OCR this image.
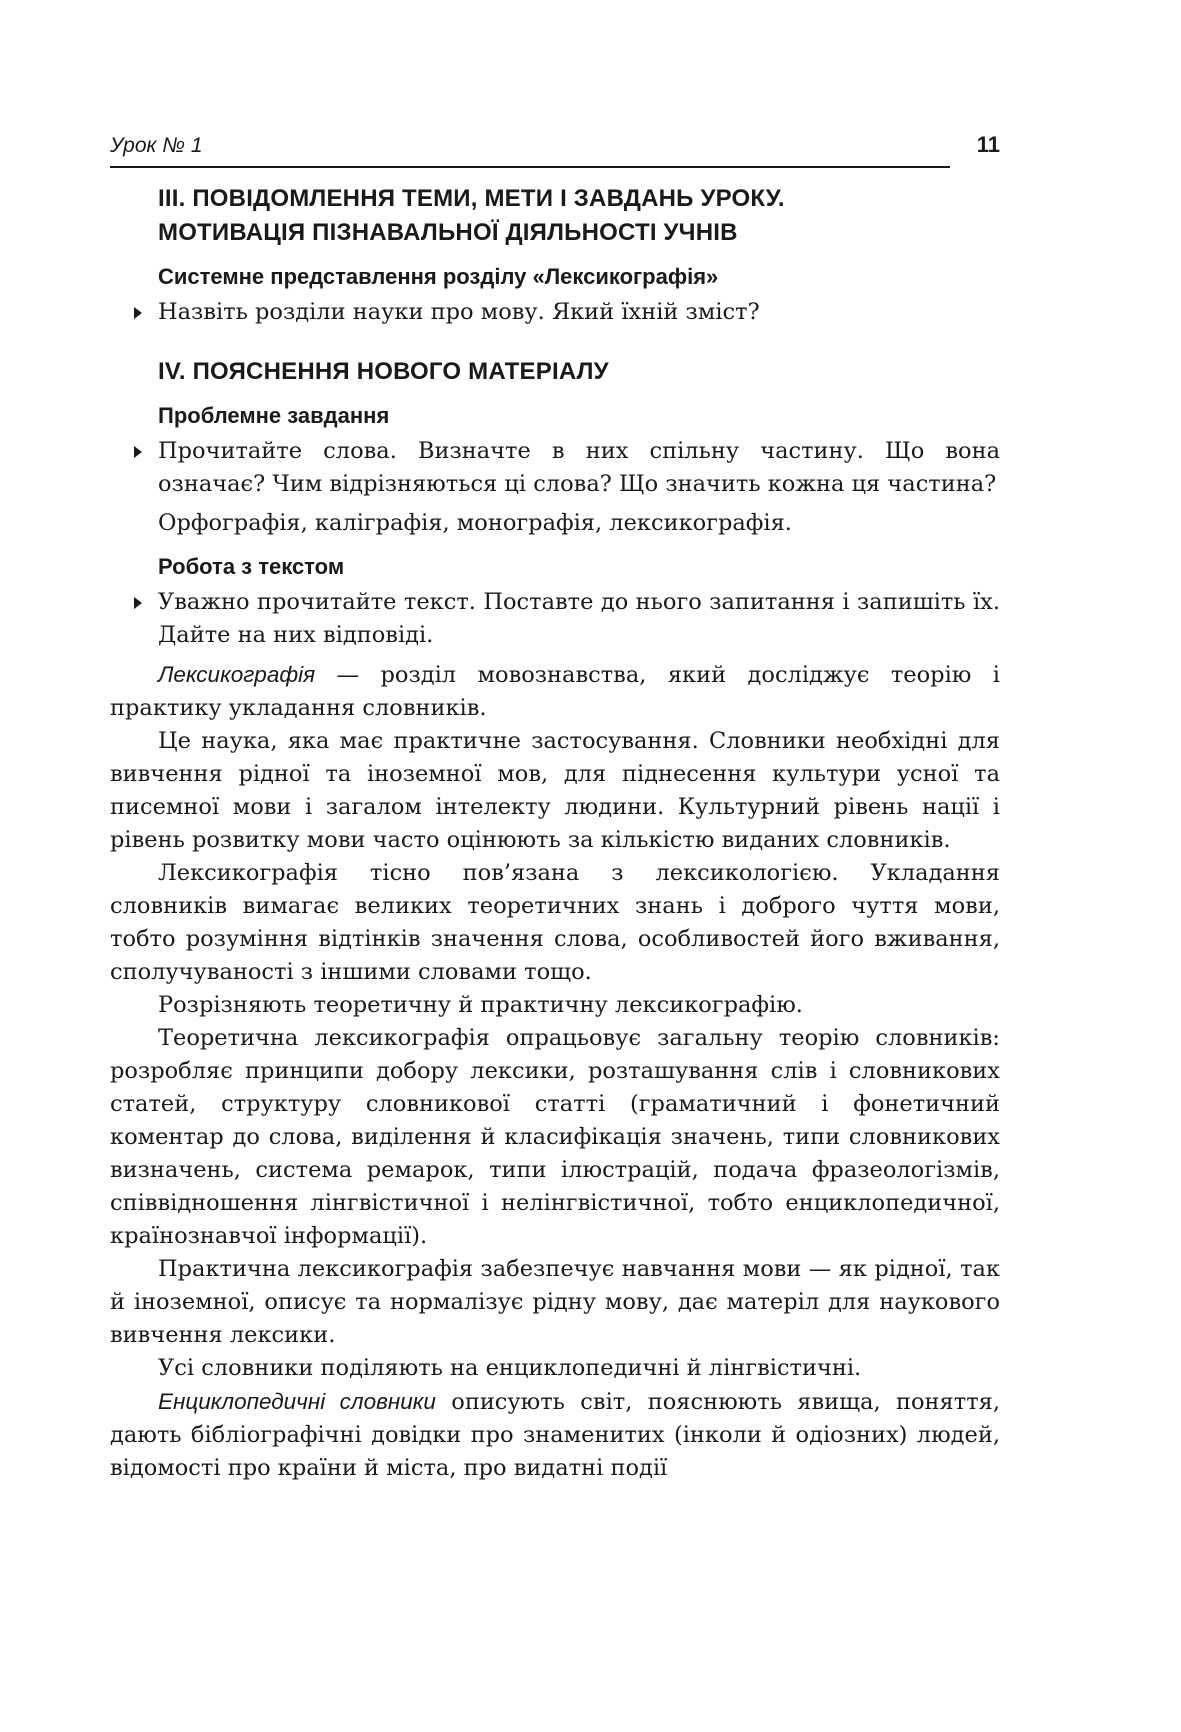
Урок № 1	11
III. ПОВІДОМЛЕННЯ ТЕМИ, МЕТИ І ЗАВДАНЬ УРОКУ.
МОТИВАЦІЯ ПІЗНАВАЛЬНОЇ ДІЯЛЬНОСТІ УЧНІВ
Системне представлення розділу «Лексикографія»
Назвіть розділи науки про мову. Який їхній зміст?
IV. ПОЯСНЕННЯ НОВОГО МАТЕРІАЛУ
Проблемне завдання
Прочитайте слова. Визначте в них спільну частину. Що вона означає? Чим відрізняються ці слова? Що значить кожна ця частина?
Орфографія, каліграфія, монографія, лексикографія.
Робота з текстом
Уважно прочитайте текст. Поставте до нього запитання і запишіть їх. Дайте на них відповіді.

Лексикографія — розділ мовознавства, який досліджує теорію і практику укладання словників.

Це наука, яка має практичне застосування. Словники необхідні для вивчення рідної та іноземної мов, для піднесення культури усної та писемної мови і загалом інтелекту людини. Культурний рівень нації і рівень розвитку мови часто оцінюють за кількістю виданих словників.

Лексикографія тісно пов’язана з лексикологією. Укладання словників вимагає великих теоретичних знань і доброго чуття мови, тобто розуміння відтінків значення слова, особливостей його вживання, сполучуваності з іншими словами тощо.

Розрізняють теоретичну й практичну лексикографію.

Теоретична лексикографія опрацьовує загальну теорію словників: розробляє принципи добору лексики, розташування слів і словникових статей, структуру словникової статті (граматичний і фонетичний коментар до слова, виділення й класифікація значень, типи словникових визначень, система ремарок, типи ілюстрацій, подача фразеологізмів, співвідношення лінгвістичної і нелінгвістичної, тобто енциклопедичної, країнознавчої інформації).

Практична лексикографія забезпечує навчання мови — як рідної, так й іноземної, описує та нормалізує рідну мову, дає матеріл для наукового вивчення лексики.

Усі словники поділяють на енциклопедичні й лінгвістичні.

Енциклопедичні словники описують світ, пояснюють явища, поняття, дають бібліографічні довідки про знаменитих (інколи й одіозних) людей, відомості про країни й міста, про видатні події
